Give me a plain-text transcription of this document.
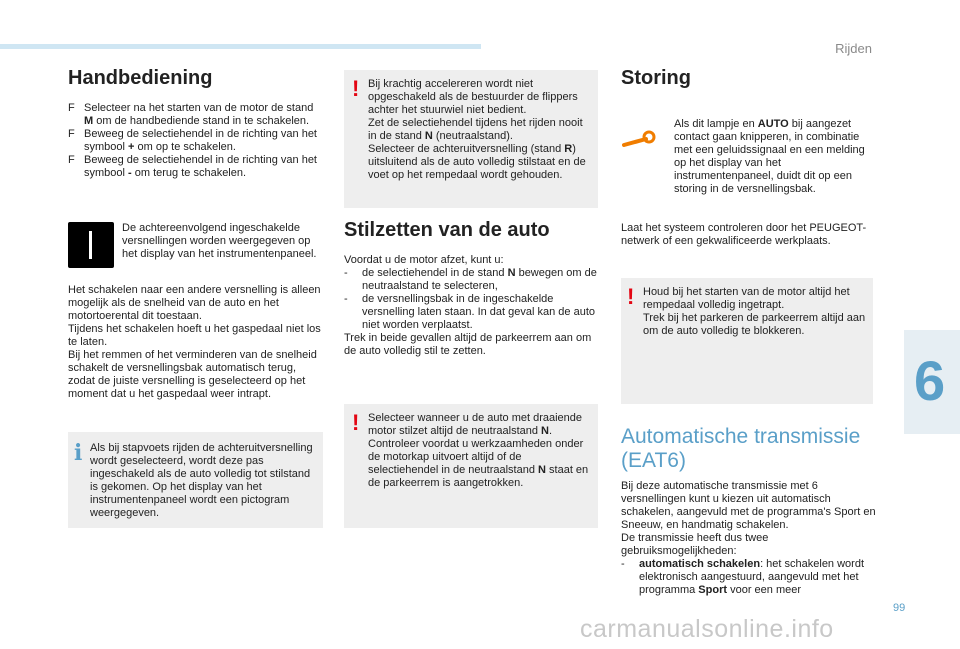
Rijden
6
Handbediening
F Selecteer na het starten van de motor de stand M om de handbediende stand in te schakelen.
F Beweeg de selectiehendel in de richting van het symbool + om op te schakelen.
F Beweeg de selectiehendel in de richting van het symbool - om terug te schakelen.
De achtereenvolgend ingeschakelde versnellingen worden weergegeven op het display van het instrumentenpaneel.
Het schakelen naar een andere versnelling is alleen mogelijk als de snelheid van de auto en het motortoerental dit toestaan.
Tijdens het schakelen hoeft u het gaspedaal niet los te laten.
Bij het remmen of het verminderen van de snelheid schakelt de versnellingsbak automatisch terug, zodat de juiste versnelling is geselecteerd op het moment dat u het gaspedaal weer intrapt.
i Als bij stapvoets rijden de achteruitversnelling wordt geselecteerd, wordt deze pas ingeschakeld als de auto volledig tot stilstand is gekomen. Op het display van het instrumentenpaneel wordt een pictogram weergegeven.
! Bij krachtig accelereren wordt niet opgeschakeld als de bestuurder de flippers achter het stuurwiel niet bedient.
Zet de selectiehendel tijdens het rijden nooit in de stand N (neutraalstand).
Selecteer de achteruitversnelling (stand R) uitsluitend als de auto volledig stilstaat en de voet op het rempedaal wordt gehouden.
Stilzetten van de auto

Voordat u de motor afzet, kunt u:

- de selectiehendel in de stand N bewegen om de neutraalstand te selecteren,
- de versnellingsbak in de ingeschakelde versnelling laten staan. In dat geval kan de auto niet worden verplaatst.

Trek in beide gevallen altijd de parkeerrem aan om de auto volledig stil te zetten.

! Selecteer wanneer u de auto met draaiende motor stilzet altijd de neutraalstand N.
Controleer voordat u werkzaamheden onder de motorkap uitvoert altijd of de selectiehendel in de neutraalstand N staat en de parkeerrem is aangetrokken.
Storing
Als dit lampje en AUTO bij aangezet contact gaan knipperen, in combinatie met een geluidssignaal en een melding op het display van het instrumentenpaneel, duidt dit op een storing in de versnellingsbak.
Laat het systeem controleren door het PEUGEOT-netwerk of een gekwalificeerde werkplaats.
! Houd bij het starten van de motor altijd het rempedaal volledig ingetrapt.
Trek bij het parkeren de parkeerrem altijd aan om de auto volledig te blokkeren.
Automatische transmissie
(EAT6)

Bij deze automatische transmissie met 6 versnellingen kunt u kiezen uit automatisch schakelen, aangevuld met de programma's Sport en Sneeuw, en handmatig schakelen.
De transmissie heeft dus twee gebruiksmogelijkheden:

- automatisch schakelen: het schakelen wordt elektronisch aangestuurd, aangevuld met het programma Sport voor een meer
99
carmanualsonline.info
